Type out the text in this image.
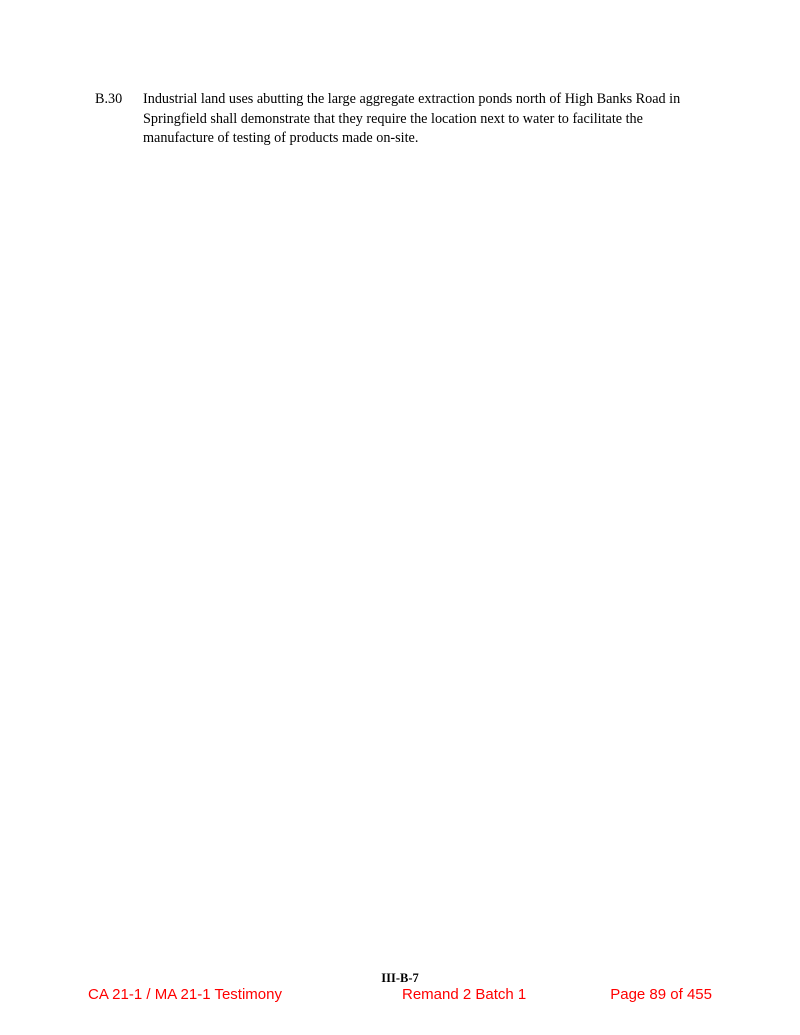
B.30	Industrial land uses abutting the large aggregate extraction ponds north of High Banks Road in Springfield shall demonstrate that they require the location next to water to facilitate the manufacture of testing of products made on-site.
III-B-7
CA 21-1 / MA 21-1 Testimony	Remand 2 Batch 1	Page 89 of 455
